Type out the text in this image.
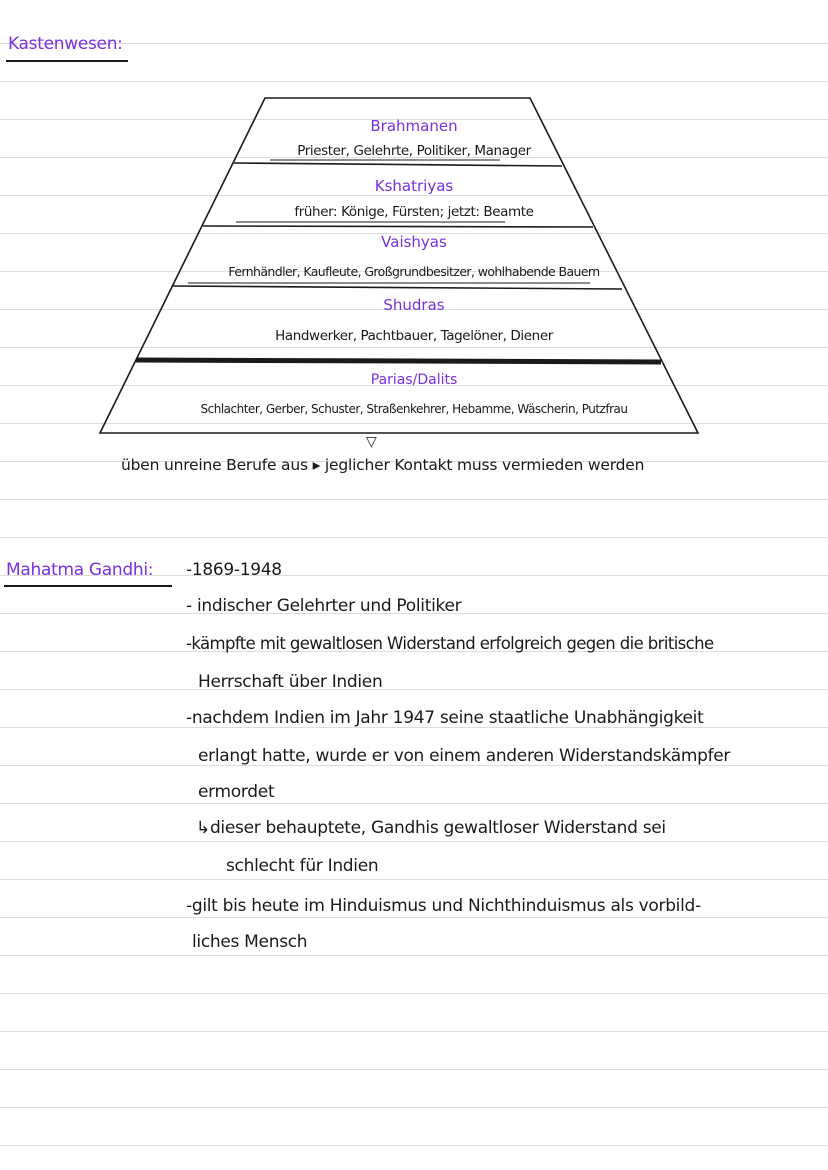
Kastenwesen:
Brahmanen
Priester, Gelehrte, Politiker, Manager
Kshatriyas
früher: Könige, Fürsten; jetzt: Beamte
Vaishyas
Fernhändler, Kaufleute, Großgrundbesitzer, wohlhabende Bauern
Shudras
Handwerker, Pachtbauer, Tagelöner, Diener
Parias/Dalits
Schlachter, Gerber, Schuster, Straßenkehrer, Hebamme, Wäscherin, Putzfrau
▽
üben unreine Berufe aus ▸ jeglicher Kontakt muss vermieden werden
Mahatma Gandhi: -1869-1948
- indischer Gelehrter und Politiker
-kämpfte mit gewaltlosen Widerstand erfolgreich gegen die britische
Herrschaft über Indien
-nachdem Indien im Jahr 1947 seine staatliche Unabhängigkeit
erlangt hatte, wurde er von einem anderen Widerstandskämpfer
ermordet
↳dieser behauptete, Gandhis gewaltloser Widerstand sei
schlecht für Indien
-gilt bis heute im Hinduismus und Nichthinduismus als vorbild-
liches Mensch
